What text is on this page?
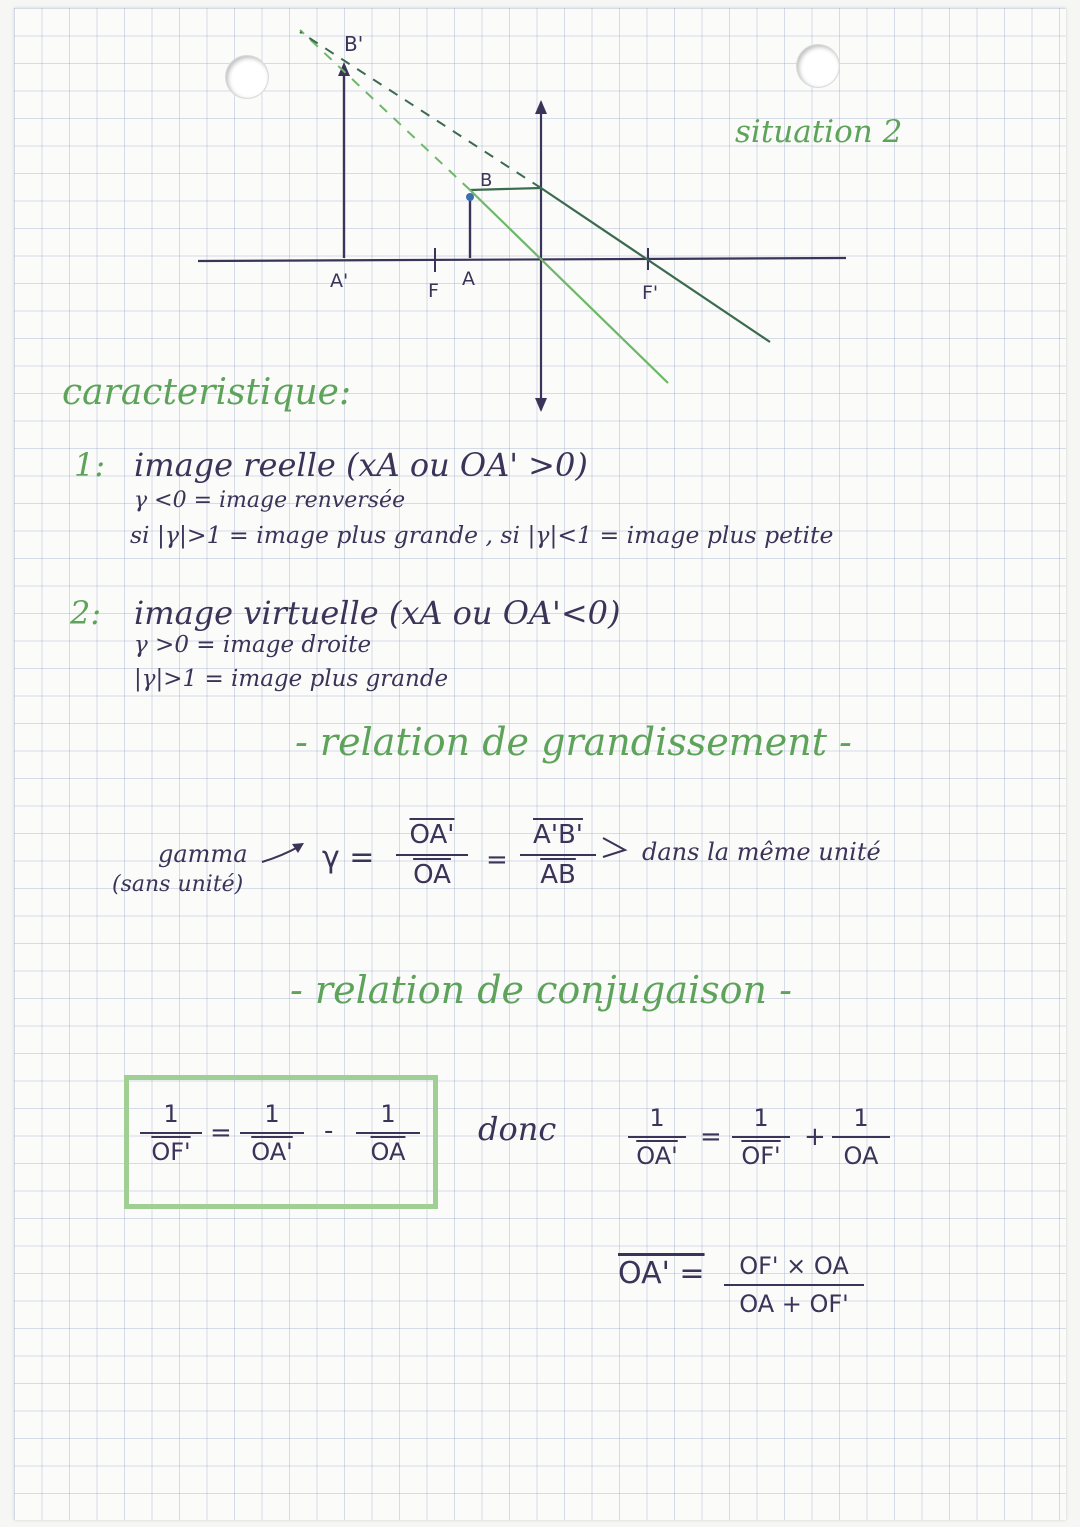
B'
B
A'	F
A
F'
situation 2
caracteristique:
1: image reelle (xA ou OA' >0)
γ <0 = image renversée
si |γ|>1 = image plus grande , si |γ|<1 = image plus petite
2: image virtuelle (xA ou OA'<0)
γ >0 = image droite
|γ|>1 = image plus grande
- relation de grandissement -
gamma
(sans unité)
$\gamma = \frac{OA'}{OA} = \frac{A'B'}{AB}$ dans la même unité
- relation de conjugaison -
$\frac{1}{OF'} = \frac{1}{OA'} - \frac{1}{OA}$ donc	$\frac{1}{OA'} = \frac{1}{OF'}$ +
1
OA
OA' =	OF' × OA
OA + OF'
